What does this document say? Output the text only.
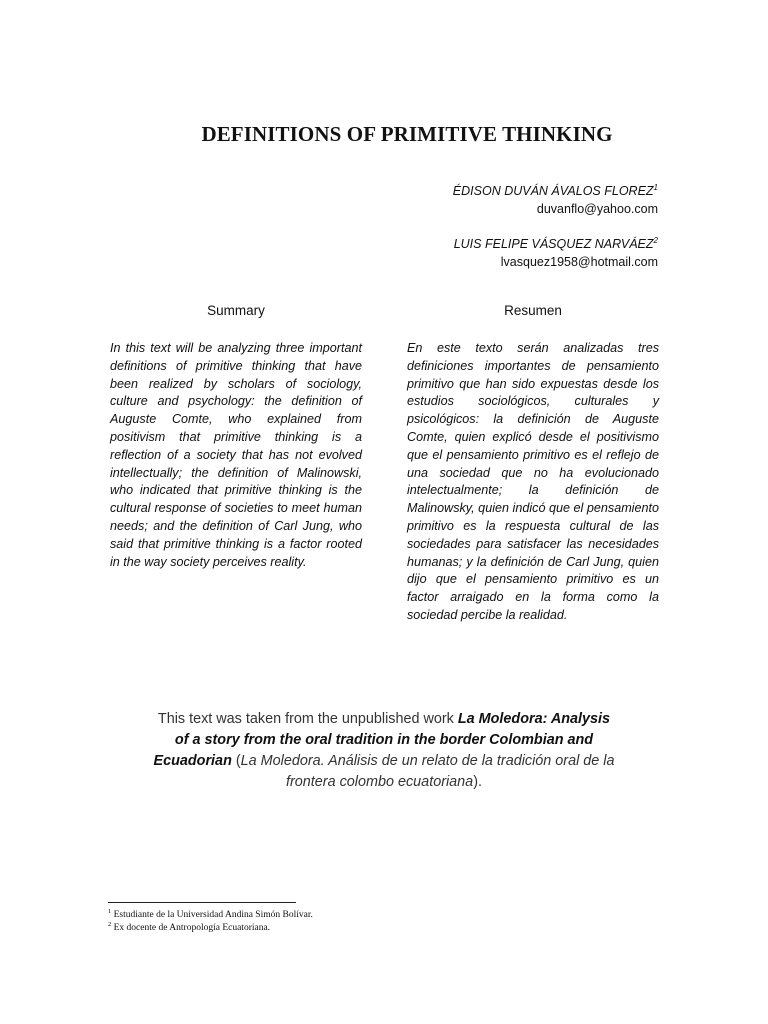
DEFINITIONS OF PRIMITIVE THINKING
ÉDISON DUVÁN ÁVALOS FLOREZ$^1$
duvanflo@yahoo.com
LUIS FELIPE VÁSQUEZ NARVÁEZ$^2$
lvasquez1958@hotmail.com
Summary

In this text will be analyzing three important definitions of primitive thinking that have been realized by scholars of sociology, culture and psychology: the definition of Auguste Comte, who explained from positivism that primitive thinking is a reflection of a society that has not evolved intellectually; the definition of Malinowski, who indicated that primitive thinking is the cultural response of societies to meet human needs; and the definition of Carl Jung, who said that primitive thinking is a factor rooted in the way society perceives reality.

Resumen

En este texto serán analizadas tres definiciones importantes de pensamiento primitivo que han sido expuestas desde los estudios sociológicos, culturales y psicológicos: la definición de Auguste Comte, quien explicó desde el positivismo que el pensamiento primitivo es el reflejo de una sociedad que no ha evolucionado intelectualmente; la definición de Malinowsky, quien indicó que el pensamiento primitivo es la respuesta cultural de las sociedades para satisfacer las necesidades humanas; y la definición de Carl Jung, quien dijo que el pensamiento primitivo es un factor arraigado en la forma como la sociedad percibe la realidad.

This text was taken from the unpublished work La Moledora: Analysis of a story from the oral tradition in the border Colombian and Ecuadorian (La Moledora. Análisis de un relato de la tradición oral de la frontera colombo ecuatoriana).
$^1$ Estudiante de la Universidad Andina Simón Bolívar.
$^2$ Ex docente de Antropología Ecuatoriana.
